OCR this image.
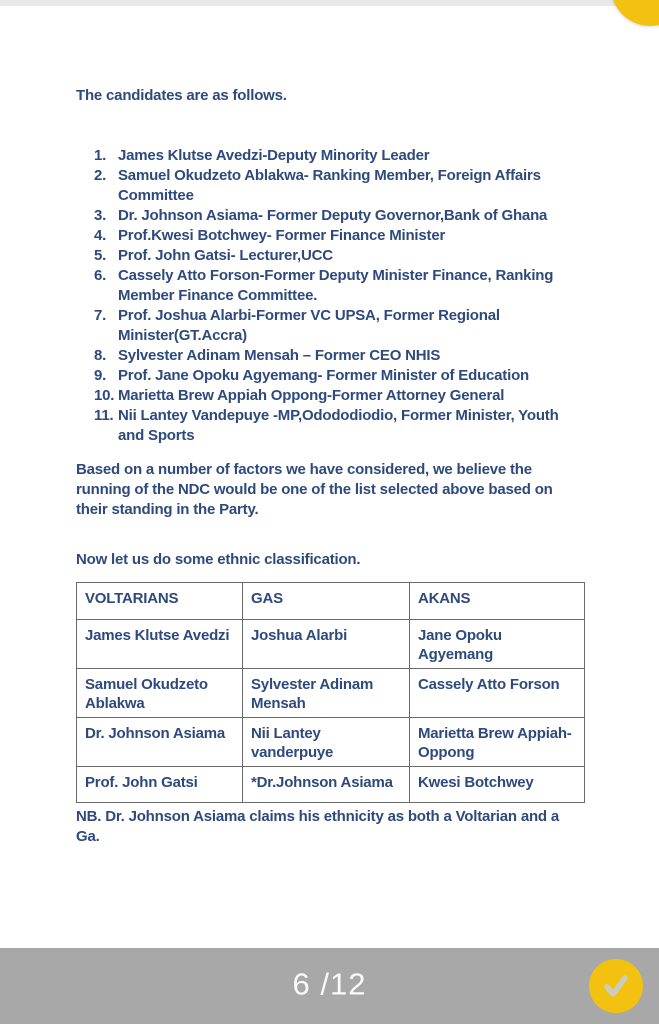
The candidates are as follows.

1. James Klutse Avedzi-Deputy Minority Leader
2. Samuel Okudzeto Ablakwa- Ranking Member, Foreign Affairs Committee
3. Dr. Johnson Asiama- Former Deputy Governor,Bank of Ghana
4. Prof.Kwesi Botchwey- Former Finance Minister
5. Prof. John Gatsi- Lecturer,UCC
6. Cassely Atto Forson-Former Deputy Minister Finance, Ranking Member Finance Committee.
7. Prof. Joshua Alarbi-Former VC UPSA, Former Regional Minister(GT.Accra)
8. Sylvester Adinam Mensah – Former CEO NHIS
9. Prof. Jane Opoku Agyemang- Former Minister of Education
10. Marietta Brew Appiah Oppong-Former Attorney General
11. Nii Lantey Vandepuye -MP,Odododiodio, Former Minister, Youth and Sports

Based on a number of factors we have considered, we believe the running of the NDC would be one of the list selected above based on their standing in the Party.

Now let us do some ethnic classification.

VOLTARIANS	GAS	AKANS
James Klutse Avedzi	Joshua Alarbi	Jane Opoku Agyemang
Samuel Okudzeto Ablakwa	Sylvester Adinam Mensah	Cassely Atto Forson
Dr. Johnson Asiama	Nii Lantey vanderpuye	Marietta Brew Appiah-Oppong
Prof. John Gatsi	*Dr.Johnson Asiama	Kwesi Botchwey

NB. Dr. Johnson Asiama claims his ethnicity as both a Voltarian and a Ga.

6 /12
